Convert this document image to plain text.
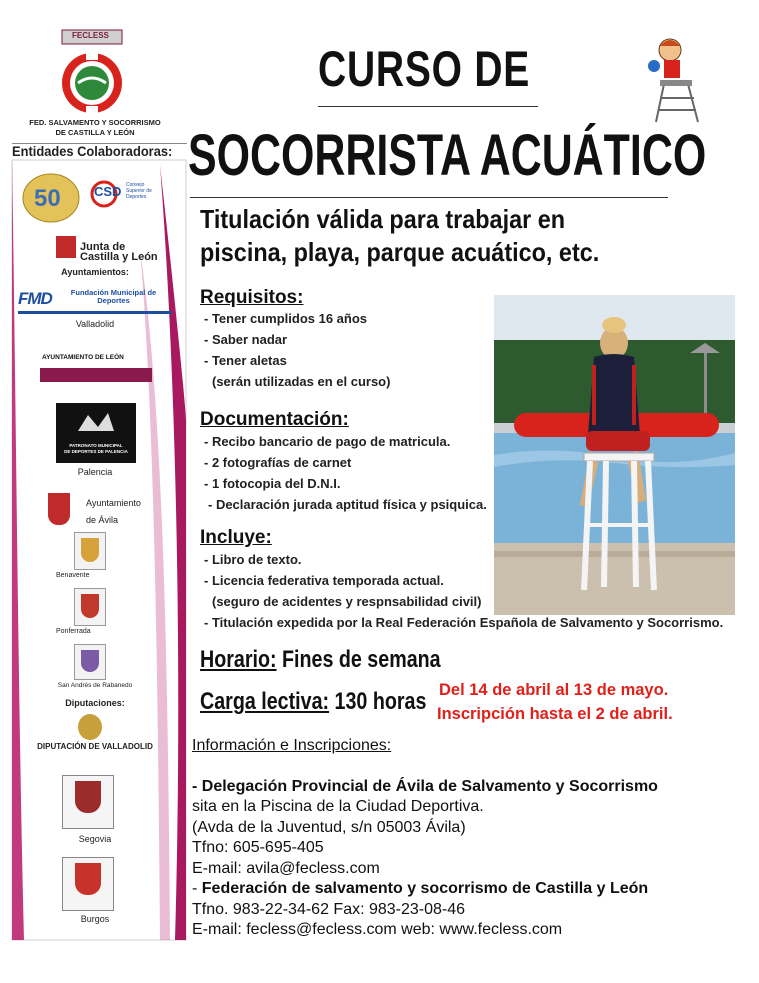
FECLESS
FED. SALVAMENTO Y SOCORRISMO
DE CASTILLA Y LEÓN
Entidades Colaboradoras:
50	CSD Consejo Superior de Deportes
Junta de
Castilla y León
Ayuntamientos:
FMD	Fundación Municipal de Deportes
Valladolid
AYUNTAMIENTO DE LEÓN
PATRONATO MUNICIPAL
DE DEPORTES DE PALENCIA
Palencia
Ayuntamiento
de Ávila
Benavente
Ponferrada
San Andrés de Rabanedo
Diputaciones:
DIPUTACIÓN DE VALLADOLID
Segovia
Burgos
CURSO DE
SOCORRISTA ACUÁTICO
Titulación válida para trabajar en
piscina, playa, parque acuático, etc.
Requisitos:
- Tener cumplidos 16 años
- Saber nadar
- Tener aletas
(serán utilizadas en el curso)
Documentación:
- Recibo bancario de pago de matricula.
- 2 fotografías de carnet
- 1 fotocopia del D.N.I.
- Declaración jurada aptitud física y psiquica.
Incluye:
- Libro de texto.
- Licencia federativa temporada actual.
(seguro de acidentes y respnsabilidad civil)
- Titulación expedida por la Real Federación Española de Salvamento y Socorrismo.
Horario: Fines de semana
Carga lectiva: 130 horas Del 14 de abril al 13 de mayo.
Inscripción hasta el 2 de abril.
Información e Inscripciones:
- Delegación Provincial de Ávila de Salvamento y Socorrismo
sita en la Piscina de la Ciudad Deportiva.
(Avda de la Juventud, s/n 05003 Ávila)
Tfno: 605-695-405
E-mail: avila@fecless.com
- Federación de salvamento y socorrismo de Castilla y León
Tfno. 983-22-34-62 Fax: 983-23-08-46
E-mail: fecless@fecless.com web: www.fecless.com
